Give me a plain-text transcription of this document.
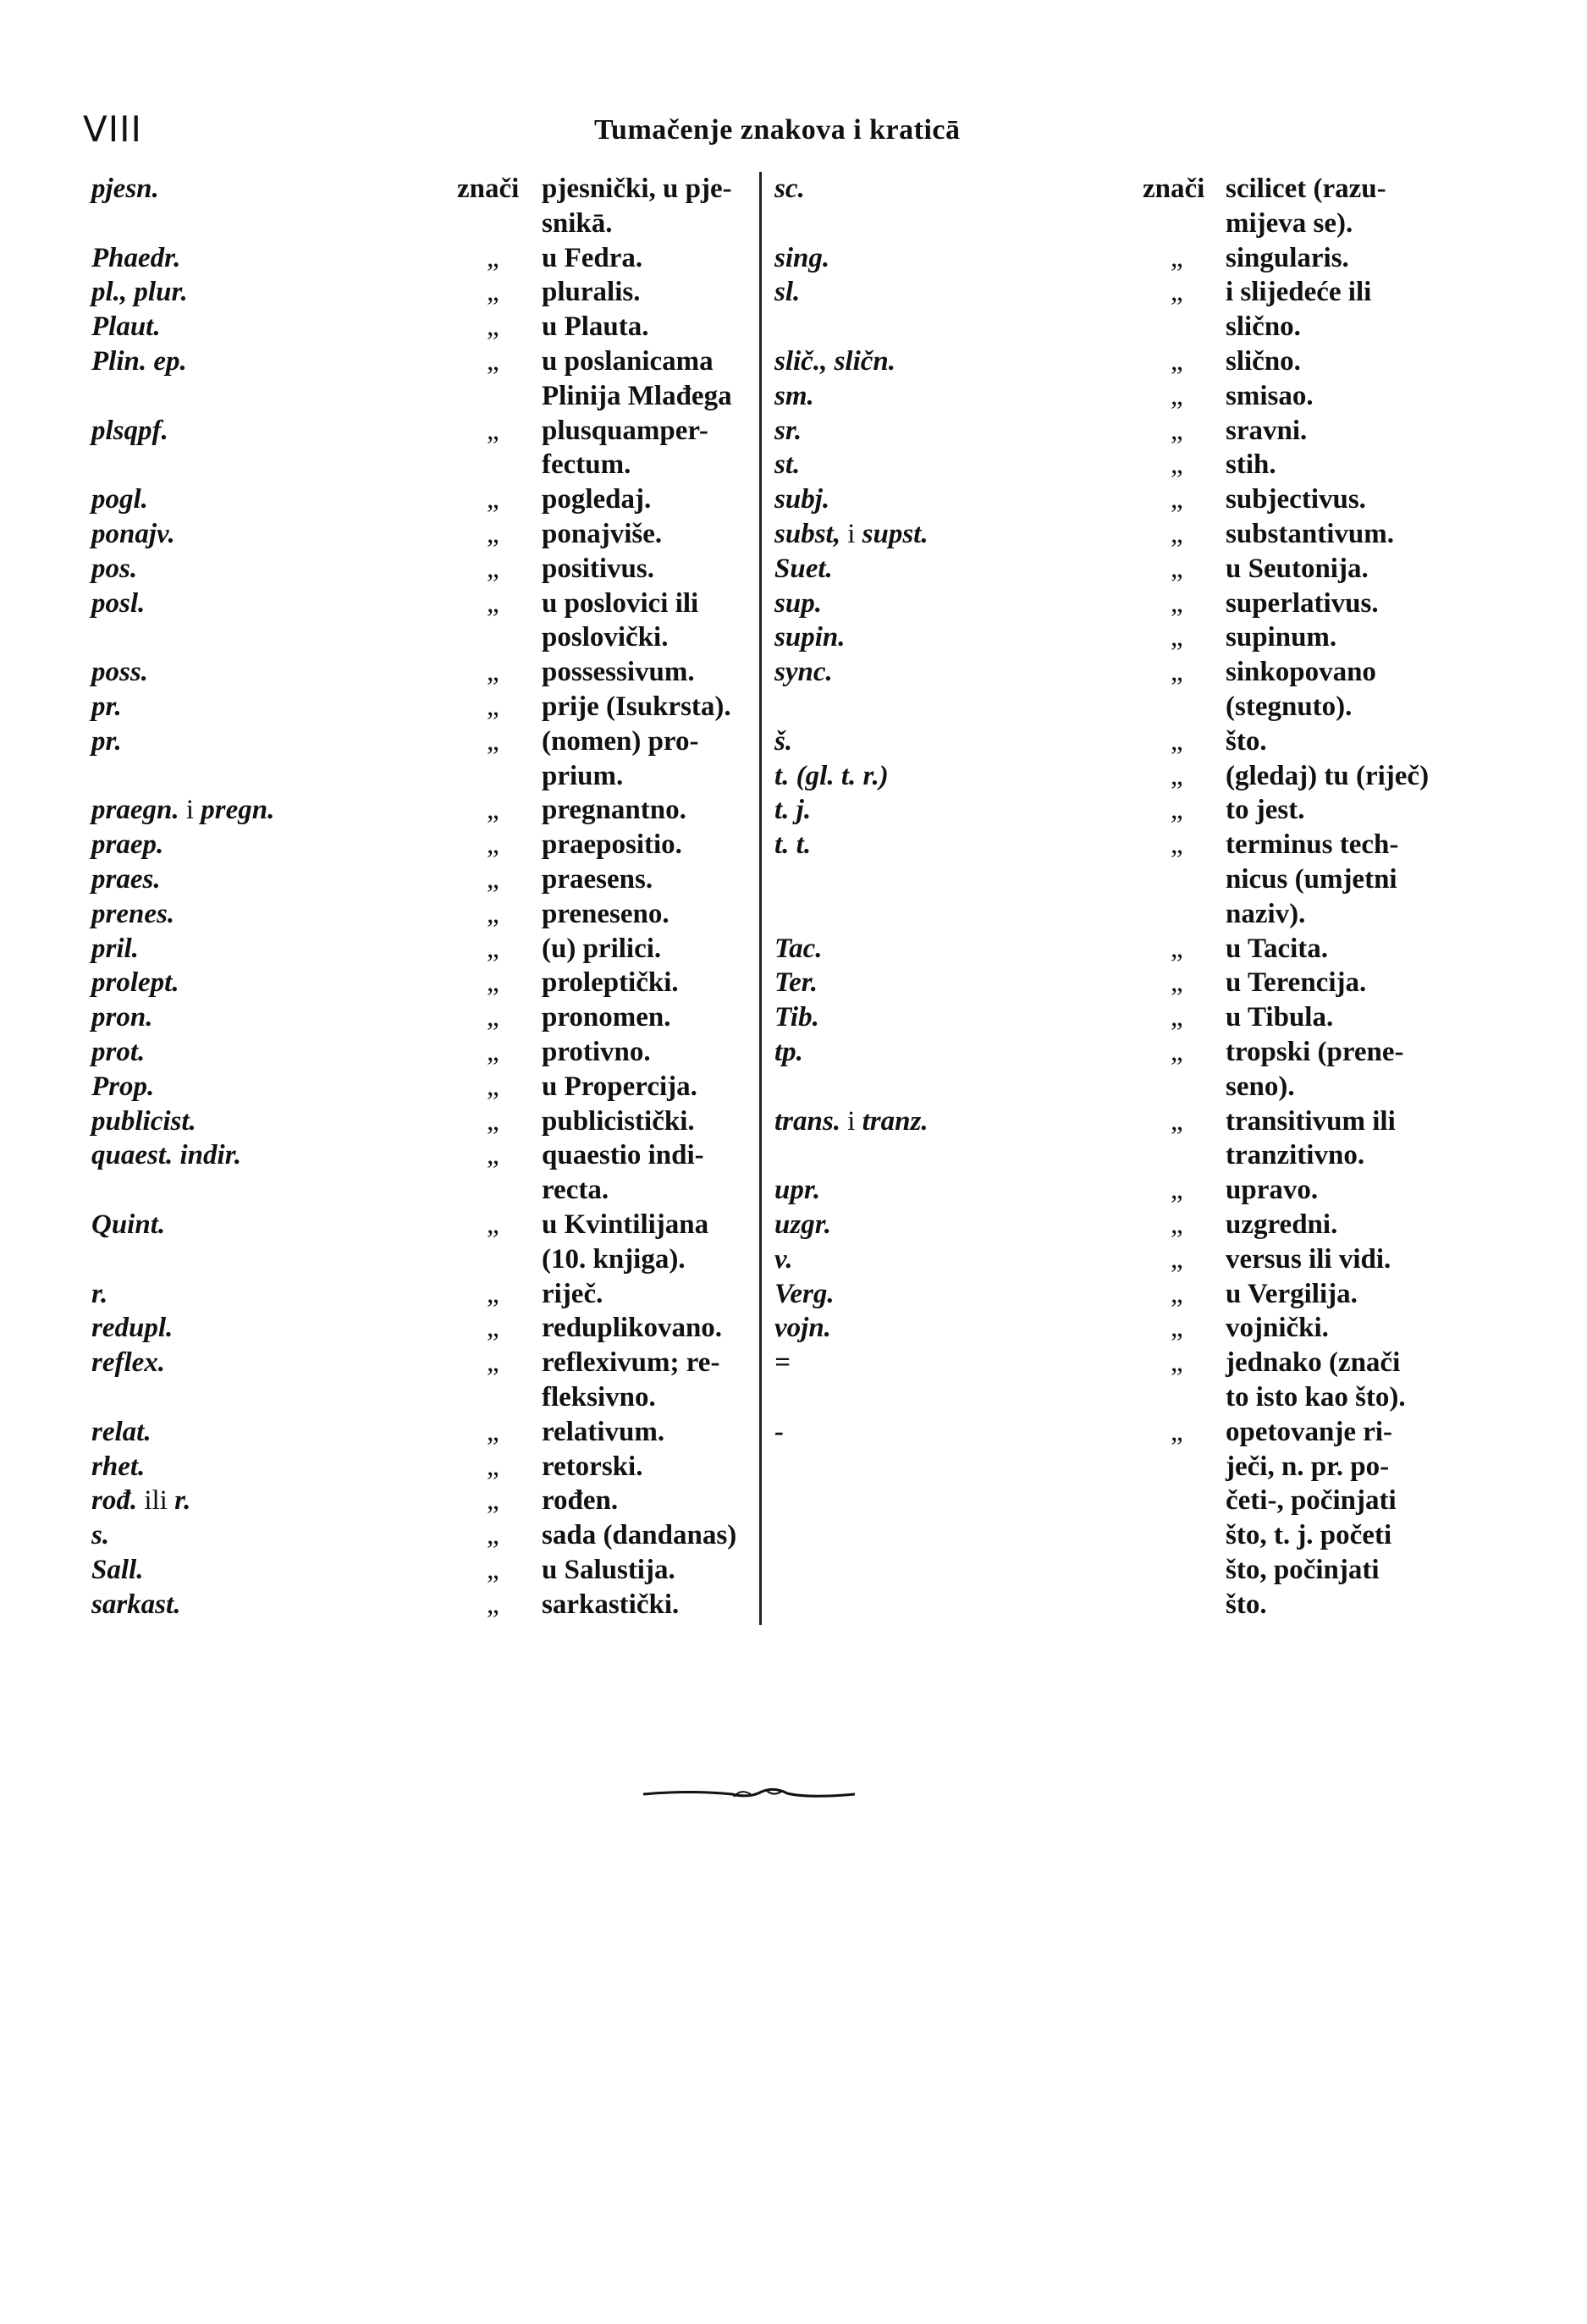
VIII	Tumačenje znakova i kraticā
pjesn.	znači pjesnički, u pje-
snikā.
Phaedr.	„ u Fedra.
pl., plur.	„ pluralis.
Plaut.	„ u Plauta.
Plin. ep.	„ u poslanicama
Plinija Mlađega
plsqpf.	„ plusquamper-
fectum.
pogl.	„ pogledaj.
ponajv.	„ ponajviše.
pos.	„ positivus.
posl.	„ u poslovici ili
poslovički.
poss.	„ possessivum.
pr.	„ prije (Isukrsta).
pr.	„ (nomen) pro-
prium.
praegn. i pregn.	„ pregnantno.
praep.	„ praepositio.
praes.	„ praesens.
prenes.	„ preneseno.
pril.	„ (u) prilici.
prolept.	„ proleptički.
pron.	„ pronomen.
prot.	„ protivno.
Prop.	„ u Propercija.
publicist.	„ publicistički.
quaest. indir.	„ quaestio indi-
recta.
Quint.	„ u Kvintilijana
(10. knjiga).
r.	„ riječ.
redupl.	„ reduplikovano.
reflex.	„ reflexivum; re-
fleksivno.
relat.	„ relativum.
rhet.	„ retorski.
rođ. ili r.	„ rođen.
s.	„ sada (dandanas)
Sall.	„ u Salustija.
sarkast.	„ sarkastički.
sc.	znači scilicet (razu-
mijeva se).
sing.	„ singularis.
sl.	„ i slijedeće ili
slično.
slič., sličn.	„ slično.
sm.	„ smisao.
sr.	„ sravni.
st.	„ stih.
subj.	„ subjectivus.
subst, i supst.	„ substantivum.
Suet.	„ u Seutonija.
sup.	„ superlativus.
supin.	„ supinum.
sync.	„ sinkopovano
(stegnuto).
š.	„ što.
t. (gl. t. r.)	„ (gledaj) tu (riječ)
t. j.	„ to jest.
t. t.	„ terminus tech-
nicus (umjetni
naziv).
Tac.	„ u Tacita.
Ter.	„ u Terencija.
Tib.	„ u Tibula.
tp.	„ tropski (prene-
seno).
trans. i tranz.	„ transitivum ili
tranzitivno.
upr.	„ upravo.
uzgr.	„ uzgredni.
v.	„ versus ili vidi.
Verg.	„ u Vergilija.
vojn.	„ vojnički.
=	„ jednako (znači
to isto kao što).
-	„ opetovanje ri-
ječi, n. pr. po-
četi-, počinjati
što, t. j. početi
što, počinjati
što.
